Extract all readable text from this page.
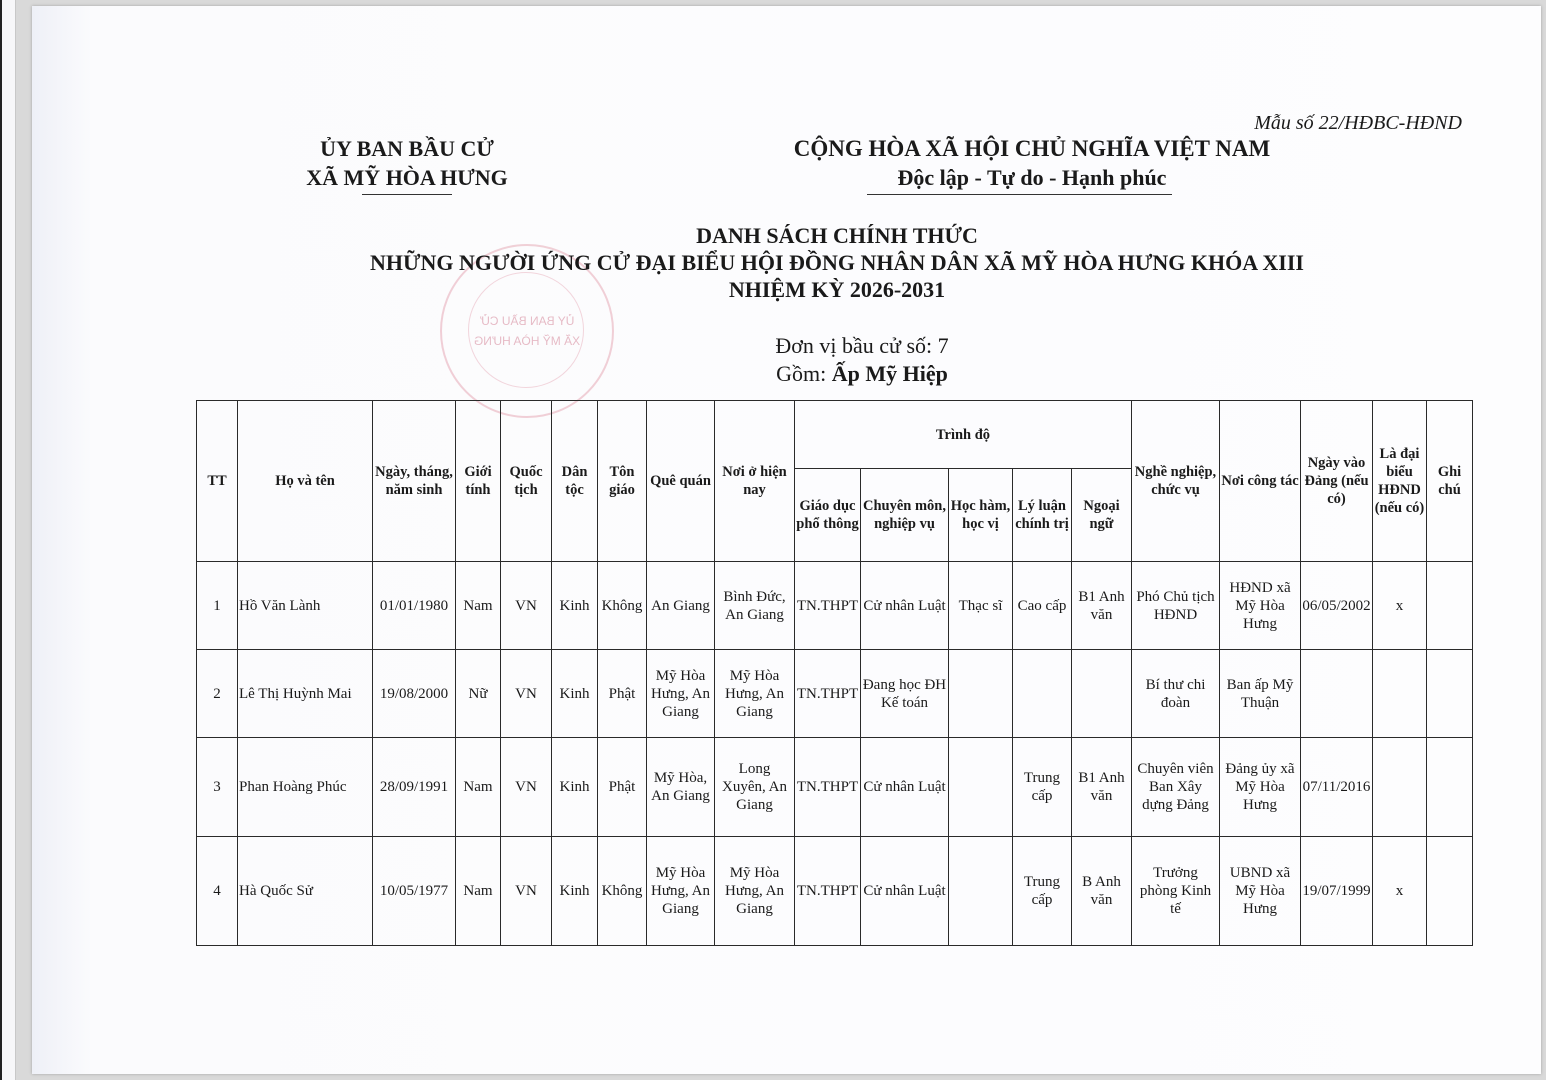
Mẫu số 22/HĐBC-HĐND
ỦY BAN BẦU CỬ
XÃ MỸ HÒA HƯNG
CỘNG HÒA XÃ HỘI CHỦ NGHĨA VIỆT NAM
Độc lập - Tự do - Hạnh phúc
ỦY BAN BẦU CỬ
XÃ MỸ HÒA HƯNG
DANH SÁCH CHÍNH THỨC
NHỮNG NGƯỜI ỨNG CỬ ĐẠI BIỂU HỘI ĐỒNG NHÂN DÂN XÃ MỸ HÒA HƯNG KHÓA XIII
NHIỆM KỲ 2026-2031
Đơn vị bầu cử số: 7
Gồm: Ấp Mỹ Hiệp
TT	Họ và tên	Ngày, tháng, năm sinh	Giới tính	Quốc tịch	Dân tộc	Tôn giáo	Quê quán	Nơi ở hiện nay	Trình độ					Nghề nghiệp, chức vụ	Nơi công tác	Ngày vào Đảng (nếu có)	Là đại biểu HĐND (nếu có)	Ghi chú
									Giáo dục phổ thông	Chuyên môn, nghiệp vụ	Học hàm, học vị	Lý luận chính trị	Ngoại ngữ					
1	Hồ Văn Lành	01/01/1980	Nam	VN	Kinh	Không	An Giang	Bình Đức, An Giang	TN.THPT	Cử nhân Luật	Thạc sĩ	Cao cấp	B1 Anh văn	Phó Chủ tịch HĐND	HĐND xã Mỹ Hòa Hưng	06/05/2002	x	
2	Lê Thị Huỳnh Mai	19/08/2000	Nữ	VN	Kinh	Phật	Mỹ Hòa Hưng, An Giang	Mỹ Hòa Hưng, An Giang	TN.THPT	Đang học ĐH Kế toán				Bí thư chi đoàn	Ban ấp Mỹ Thuận			
3	Phan Hoàng Phúc	28/09/1991	Nam	VN	Kinh	Phật	Mỹ Hòa, An Giang	Long Xuyên, An Giang	TN.THPT	Cử nhân Luật		Trung cấp	B1 Anh văn	Chuyên viên Ban Xây dựng Đảng	Đảng ủy xã Mỹ Hòa Hưng	07/11/2016		
4	Hà Quốc Sử	10/05/1977	Nam	VN	Kinh	Không	Mỹ Hòa Hưng, An Giang	Mỹ Hòa Hưng, An Giang	TN.THPT	Cử nhân Luật		Trung cấp	B Anh văn	Trưởng phòng Kinh tế	UBND xã Mỹ Hòa Hưng	19/07/1999	x	
